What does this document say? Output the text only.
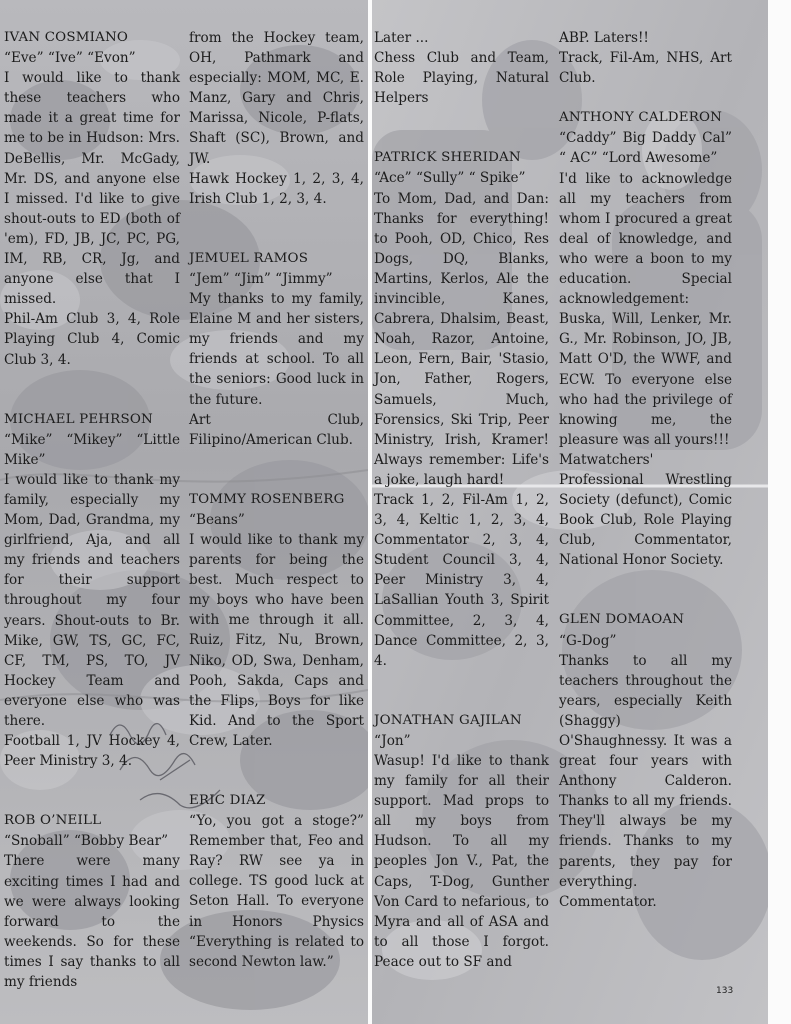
IVAN COSMIANO
“Eve” “Ive” “Evon”
I would like to thank these teachers who made it a great time for me to be in Hudson: Mrs. DeBellis, Mr. McGady, Mr. DS, and anyone else I missed. I'd like to give shout-outs to ED (both of 'em), FD, JB, JC, PC, PG, IM, RB, CR, Jg, and anyone else that I missed.
Phil-Am Club 3, 4, Role Playing Club 4, Comic Club 3, 4.
MICHAEL PEHRSON
“Mike” “Mikey” “Little Mike”
I would like to thank my family, especially my Mom, Dad, Grandma, my girlfriend, Aja, and all my friends and teachers for their support throughout my four years. Shout-outs to Br. Mike, GW, TS, GC, FC, CF, TM, PS, TO, JV Hockey Team and everyone else who was there.
Football 1, JV Hockey 4, Peer Ministry 3, 4.
ROB O’NEILL
“Snoball” “Bobby Bear”
There were many exciting times I had and we were always looking forward to the weekends. So for these times I say thanks to all my friends
from the Hockey team, OH, Pathmark and especially: MOM, MC, E. Manz, Gary and Chris, Marissa, Nicole, P-flats, Shaft (SC), Brown, and JW.
Hawk Hockey 1, 2, 3, 4, Irish Club 1, 2, 3, 4.
JEMUEL RAMOS
“Jem” “Jim” “Jimmy”
My thanks to my family, Elaine M and her sisters, my friends and my friends at school. To all the seniors: Good luck in the future.
Art Club, Filipino/American Club.
TOMMY ROSENBERG
“Beans”
I would like to thank my parents for being the best. Much respect to my boys who have been with me through it all. Ruiz, Fitz, Nu, Brown, Niko, OD, Swa, Denham, Pooh, Sakda, Caps and the Flips, Boys for like Kid. And to the Sport Crew, Later.
ERIC DIAZ
“Yo, you got a stoge?” Remember that, Feo and Ray? RW see ya in college. TS good luck at Seton Hall. To everyone in Honors Physics “Everything is related to second Newton law.”
Later ...
Chess Club and Team, Role Playing, Natural Helpers
PATRICK SHERIDAN
“Ace” “Sully” “ Spike”
To Mom, Dad, and Dan: Thanks for everything! to Pooh, OD, Chico, Res Dogs, DQ, Blanks, Martins, Kerlos, Ale the invincible, Kanes, Cabrera, Dhalsim, Beast, Noah, Razor, Antoine, Leon, Fern, Bair, 'Stasio, Jon, Father, Rogers, Samuels, Much, Forensics, Ski Trip, Peer Ministry, Irish, Kramer! Always remember: Life's a joke, laugh hard!
Track 1, 2, Fil-Am 1, 2, 3, 4, Keltic 1, 2, 3, 4, Commentator 2, 3, 4, Student Council 3, 4, Peer Ministry 3, 4, LaSallian Youth 3, Spirit Committee, 2, 3, 4, Dance Committee, 2, 3, 4.
JONATHAN GAJILAN
“Jon”
Wasup! I'd like to thank my family for all their support. Mad props to all my boys from Hudson. To all my peoples Jon V., Pat, the Caps, T-Dog, Gunther Von Card to nefarious, to Myra and all of ASA and to all those I forgot. Peace out to SF and
ABP. Laters!!
Track, Fil-Am, NHS, Art Club.
ANTHONY CALDERON
“Caddy” Big Daddy Cal” “ AC” “Lord Awesome”
I'd like to acknowledge all my teachers from whom I procured a great deal of knowledge, and who were a boon to my education. Special acknowledgement: Buska, Will, Lenker, Mr. G., Mr. Robinson, JO, JB, Matt O'D, the WWF, and ECW. To everyone else who had the privilege of knowing me, the pleasure was all yours!!!
Matwatchers' Professional Wrestling Society (defunct), Comic Book Club, Role Playing Club, Commentator, National Honor Society.
GLEN DOMAOAN
“G-Dog”
Thanks to all my teachers throughout the years, especially Keith (Shaggy) O'Shaughnessy. It was a great four years with Anthony Calderon. Thanks to all my friends. They'll always be my friends. Thanks to my parents, they pay for everything.
Commentator.
133
